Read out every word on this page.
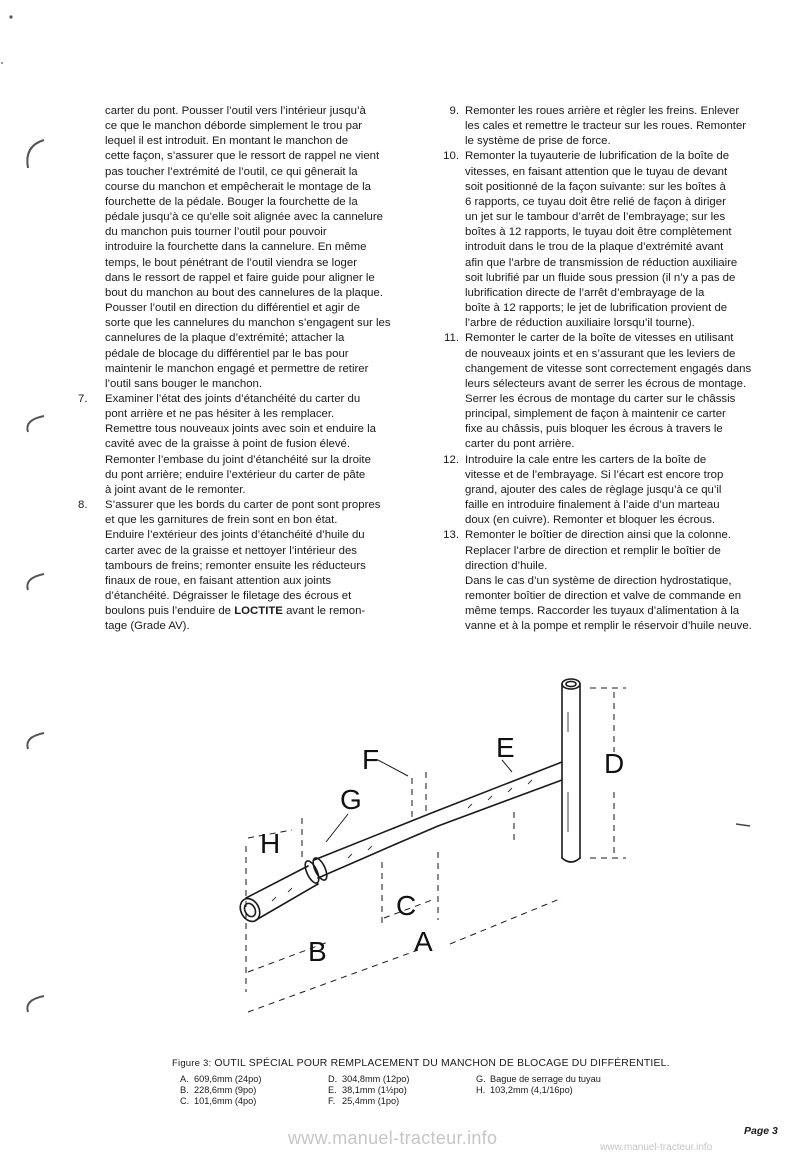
carter du pont. Pousser l’outil vers l’intérieur jusqu’à
ce que le manchon déborde simplement le trou par
lequel il est introduit. En montant le manchon de
cette façon, s’assurer que le ressort de rappel ne vient
pas toucher l’extrémité de l’outil, ce qui gênerait la
course du manchon et empêcherait le montage de la
fourchette de la pédale. Bouger la fourchette de la
pédale jusqu’à ce qu’elle soit alignée avec la cannelure
du manchon puis tourner l’outil pour pouvoir
introduire la fourchette dans la cannelure. En même
temps, le bout pénétrant de l’outil viendra se loger
dans le ressort de rappel et faire guide pour aligner le
bout du manchon au bout des cannelures de la plaque.
Pousser l’outil en direction du différentiel et agir de
sorte que les cannelures du manchon s’engagent sur les
cannelures de la plaque d’extrémité; attacher la
pédale de blocage du différentiel par le bas pour
maintenir le manchon engagé et permettre de retirer
l’outil sans bouger le manchon.
7.	Examiner l’état des joints d’étanchéité du carter du
pont arrière et ne pas hésiter à les remplacer.
Remettre tous nouveaux joints avec soin et enduire la
cavité avec de la graisse à point de fusion élevé.
Remonter l’embase du joint d’étanchéité sur la droite
du pont arrière; enduire l’extérieur du carter de pâte
à joint avant de le remonter.
8.	S’assurer que les bords du carter de pont sont propres
et que les garnitures de frein sont en bon état.
Enduire l’extérieur des joints d’étanchéité d’huile du
carter avec de la graisse et nettoyer l’intérieur des
tambours de freins; remonter ensuite les réducteurs
finaux de roue, en faisant attention aux joints
d’étanchéité. Dégraisser le filetage des écrous et
boulons puis l’enduire de LOCTITE avant le remon-
tage (Grade AV).
9. Remonter les roues arrière et règler les freins. Enlever
les cales et remettre le tracteur sur les roues. Remonter
le système de prise de force.
10. Remonter la tuyauterie de lubrification de la boîte de
vitesses, en faisant attention que le tuyau de devant
soit positionné de la façon suivante: sur les boîtes à
6 rapports, ce tuyau doit être relié de façon à diriger
un jet sur le tambour d’arrêt de l’embrayage; sur les
boîtes à 12 rapports, le tuyau doit être complètement
introduit dans le trou de la plaque d’extrémité avant
afin que l’arbre de transmission de réduction auxiliaire
soit lubrifié par un fluide sous pression (il n’y a pas de
lubrification directe de l’arrêt d’embrayage de la
boîte à 12 rapports; le jet de lubrification provient de
l’arbre de réduction auxiliaire lorsqu’il tourne).
11. Remonter le carter de la boîte de vitesses en utilisant
de nouveaux joints et en s’assurant que les leviers de
changement de vitesse sont correctement engagés dans
leurs sélecteurs avant de serrer les écrous de montage.
Serrer les écrous de montage du carter sur le châssis
principal, simplement de façon à maintenir ce carter
fixe au châssis, puis bloquer les écrous à travers le
carter du pont arrière.
12. Introduire la cale entre les carters de la boîte de
vitesse et de l’embrayage. Si l’écart est encore trop
grand, ajouter des cales de règlage jusqu’à ce qu’il
faille en introduire finalement à l’aide d’un marteau
doux (en cuivre). Remonter et bloquer les écrous.
13. Remonter le boîtier de direction ainsi que la colonne.
Replacer l’arbre de direction et remplir le boîtier de
direction d’huile.
Dans le cas d’un système de direction hydrostatique,
remonter boîtier de direction et valve de commande en
même temps. Raccorder les tuyaux d’alimentation à la
vanne et à la pompe et remplir le réservoir d’huile neuve.
A
B
C
D
E
F
G
H
Figure 3: OUTIL SPÉCIAL POUR REMPLACEMENT DU MANCHON DE BLOCAGE DU DIFFÉRENTIEL.
A. 609,6mm (24po)	D. 304,8mm (12po)	G. Bague de serrage du tuyau
B. 228,6mm (9po)	E. 38,1mm (1½po)	H. 103,2mm (4,1/16po)
C. 101,6mm (4po)	F. 25,4mm (1po)
www.manuel-tracteur.info	www.manuel-tracteur.info
Page 3
